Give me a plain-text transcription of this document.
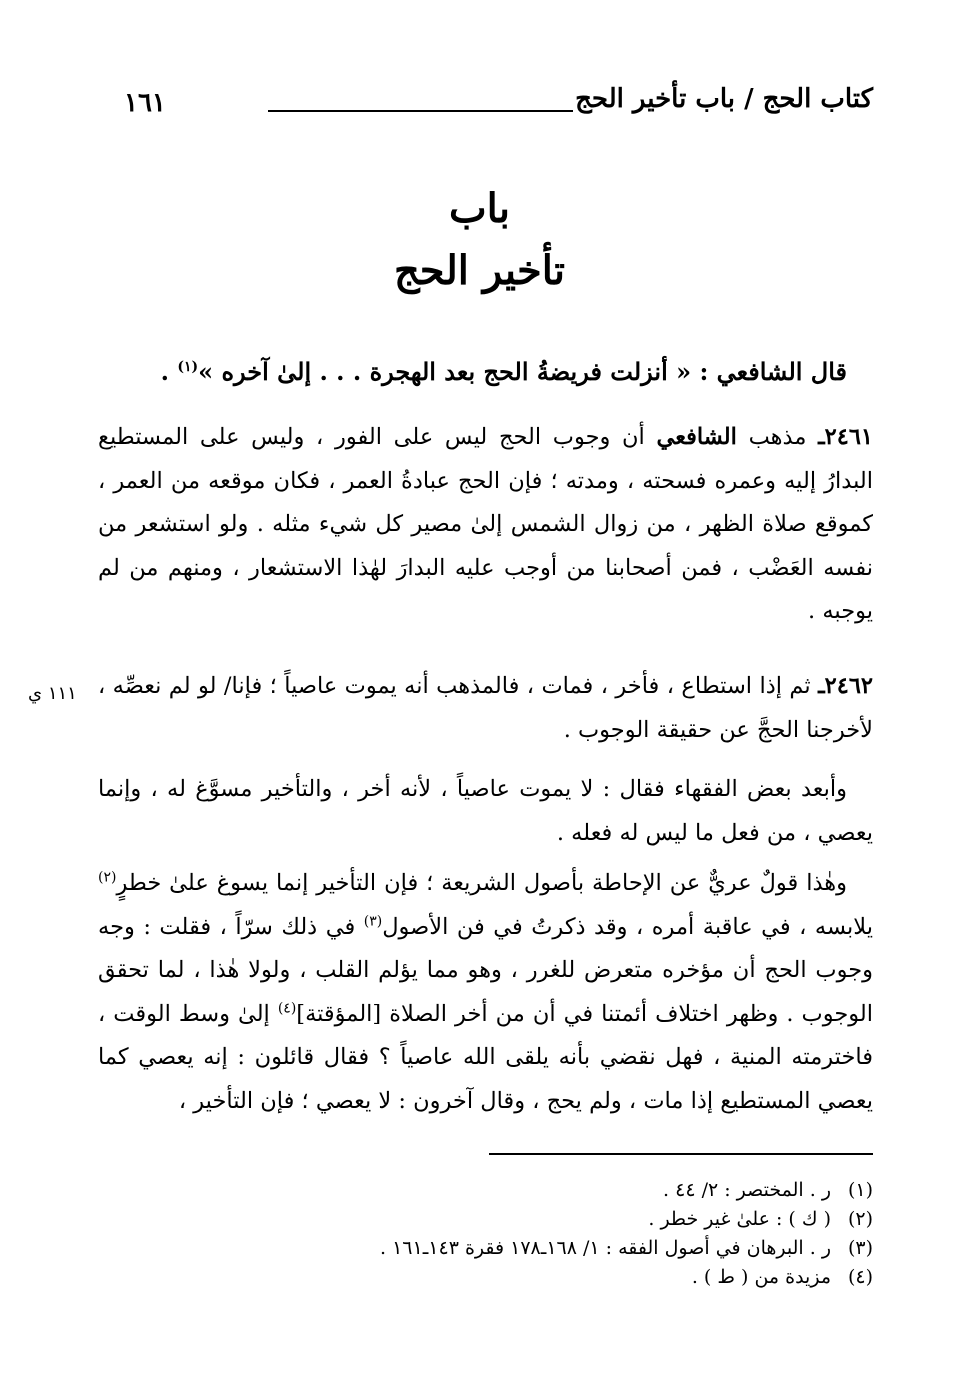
١٦١	كتاب الحج / باب تأخير الحج
باب
تأخير الحج
قال الشافعي : « أنزلت فريضةُ الحج بعد الهجرة . . . إلىٰ آخره »$^{(١)}$ .
٢٤٦١ـ مذهب الشافعي أن وجوب الحج ليس على الفور ، وليس على المستطيع البدارُ إليه وعمره فسحته ، ومدته ؛ فإن الحج عبادةُ العمر ، فكان موقعه من العمر ، كموقع صلاة الظهر ، من زوال الشمس إلىٰ مصير كل شيء مثله . ولو استشعر من نفسه العَضْب ، فمن أصحابنا من أوجب عليه البدارَ لهٰذا الاستشعار ، ومنهم من لم يوجبه .
٢٤٦٢ـ ثم إذا استطاع ، فأخر ، فمات ، فالمذهب أنه يموت عاصياً ؛ فإنا/ لو لم نعصِّه ، لأخرجنا الحجَّ عن حقيقة الوجوب .
١١١ ي
وأبعد بعض الفقهاء فقال : لا يموت عاصياً ، لأنه أخر ، والتأخير مسوَّغ له ، وإنما يعصي ، من فعل ما ليس له فعله .
وهٰذا قولٌ عريٌّ عن الإحاطة بأصول الشريعة ؛ فإن التأخير إنما يسوغ علىٰ خطرٍ$^{(٢)}$ يلابسه ، في عاقبة أمره ، وقد ذكرتُ في فن الأصول$^{(٣)}$ في ذلك سرّاً ، فقلت : وجه وجوب الحج أن مؤخره متعرض للغرر ، وهو مما يؤلم القلب ، ولولا هٰذا ، لما تحقق الوجوب . وظهر اختلاف أئمتنا في أن من أخر الصلاة [المؤقتة]$^{(٤)}$ إلىٰ وسط الوقت ، فاخترمته المنية ، فهل نقضي بأنه يلقى الله عاصياً ؟ فقال قائلون : إنه يعصي كما يعصي المستطيع إذا مات ، ولم يحج ، وقال آخرون : لا يعصي ؛ فإن التأخير ،
(١)ر . المختصر : ٢/ ٤٤ .
(٢)( ك ) : علىٰ غير خطر .
(٣)ر . البرهان في أصول الفقه : ١/ ١٦٨ـ١٧٨ فقرة ١٤٣ـ١٦١ .
(٤)مزيدة من ( ط ) .
